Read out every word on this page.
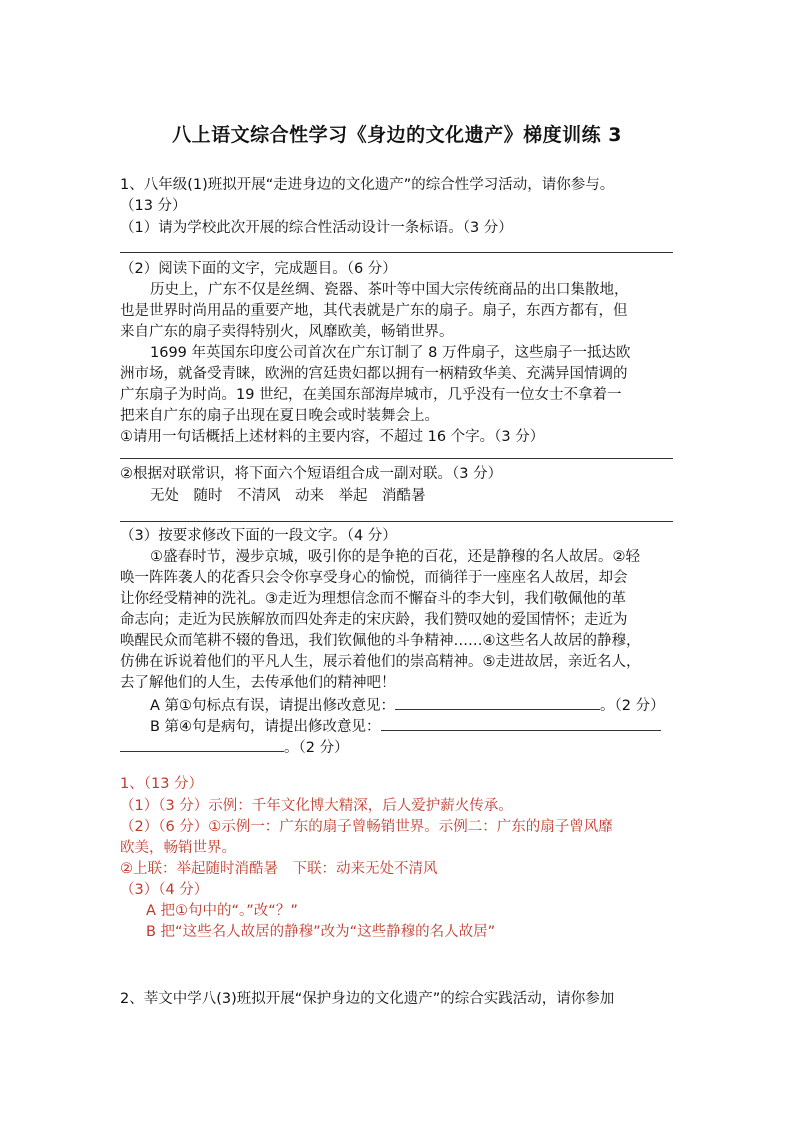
八上语文综合性学习《身边的文化遗产》梯度训练 3
1、八年级(1)班拟开展“走进身边的文化遗产”的综合性学习活动，请你参与。
（13 分）
（1）请为学校此次开展的综合性活动设计一条标语。（3 分）
（2）阅读下面的文字，完成题目。（6 分）
历史上，广东不仅是丝绸、瓷器、茶叶等中国大宗传统商品的出口集散地，
也是世界时尚用品的重要产地，其代表就是广东的扇子。扇子，东西方都有，但
来自广东的扇子卖得特别火，风靡欧美，畅销世界。
1699 年英国东印度公司首次在广东订制了 8 万件扇子，这些扇子一抵达欧
洲市场，就备受青睐，欧洲的宫廷贵妇都以拥有一柄精致华美、充满异国情调的
广东扇子为时尚。19 世纪，在美国东部海岸城市，几乎没有一位女士不拿着一
把来自广东的扇子出现在夏日晚会或时装舞会上。
①请用一句话概括上述材料的主要内容，不超过 16 个字。（3 分）
②根据对联常识，将下面六个短语组合成一副对联。（3 分）
无处　随时　不清风　动来　举起　消酷暑
（3）按要求修改下面的一段文字。（4 分）
①盛春时节，漫步京城，吸引你的是争艳的百花，还是静穆的名人故居。②轻
唤一阵阵袭人的花香只会令你享受身心的愉悦，而徜徉于一座座名人故居，却会
让你经受精神的洗礼。③走近为理想信念而不懈奋斗的李大钊，我们敬佩他的革
命志向；走近为民族解放而四处奔走的宋庆龄，我们赞叹她的爱国情怀；走近为
唤醒民众而笔耕不辍的鲁迅，我们钦佩他的斗争精神……④这些名人故居的静穆，
仿佛在诉说着他们的平凡人生，展示着他们的崇高精神。⑤走进故居，亲近名人，
去了解他们的人生，去传承他们的精神吧！
A 第①句标点有误，请提出修改意见：	。（2 分）
B 第④句是病句，请提出修改意见：
。（2 分）
1、（13 分）
（1）（3 分）示例：千年文化博大精深，后人爱护薪火传承。
（2）（6 分）①示例一：广东的扇子曾畅销世界。示例二：广东的扇子曾风靡
欧美，畅销世界。
②上联：举起随时消酷暑　下联：动来无处不清风
（3）（4 分）
A 把①句中的“。”改“？”
B 把“这些名人故居的静穆”改为“这些静穆的名人故居”
2、莘文中学八(3)班拟开展“保护身边的文化遗产”的综合实践活动，请你参加
